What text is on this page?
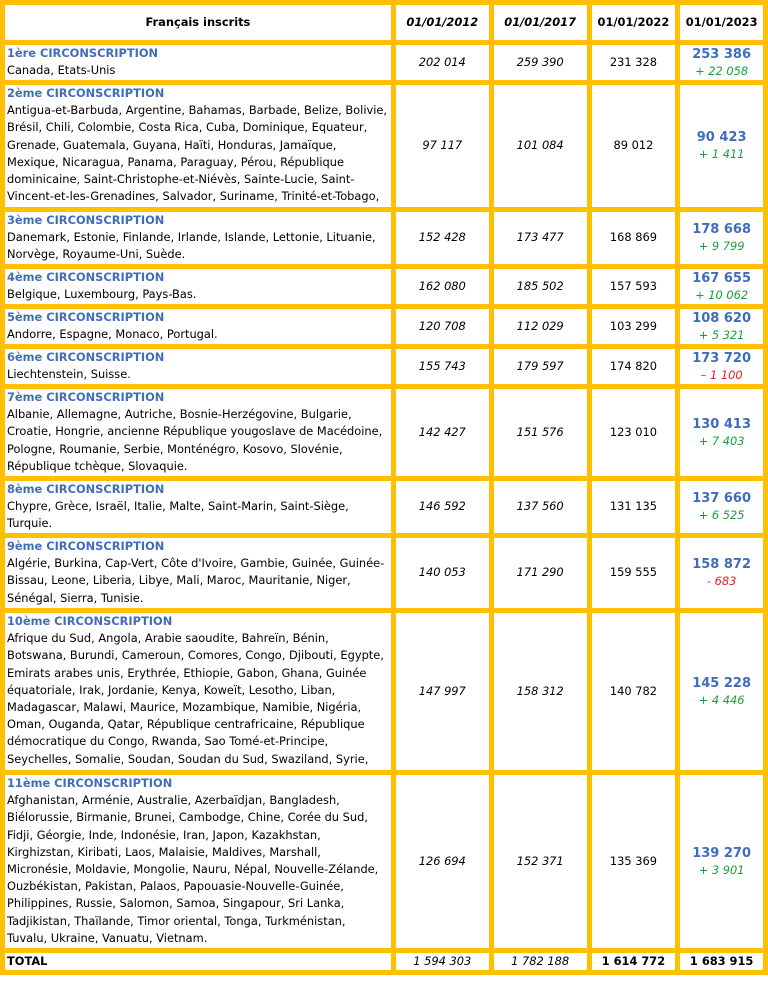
Français inscrits	01/01/2012	01/01/2017	01/01/2022	01/01/2023

1ère CIRCONSCRIPTION
Canada, Etats-Unis	202 014	259 390	231 328	253 386
+ 22 058

2ème CIRCONSCRIPTION
Antigua-et-Barbuda, Argentine, Bahamas, Barbade, Belize, Bolivie, Brésil, Chili, Colombie, Costa Rica, Cuba, Dominique, Equateur, Grenade, Guatemala, Guyana, Haïti, Honduras, Jamaïque, Mexique, Nicaragua, Panama, Paraguay, Pérou, République dominicaine, Saint-Christophe-et-Niévès, Sainte-Lucie, Saint-Vincent-et-les-Grenadines, Salvador, Suriname, Trinité-et-Tobago,	97 117	101 084	89 012	90 423
+ 1 411

3ème CIRCONSCRIPTION
Danemark, Estonie, Finlande, Irlande, Islande, Lettonie, Lituanie, Norvège, Royaume-Uni, Suède.	152 428	173 477	168 869	178 668
+ 9 799

4ème CIRCONSCRIPTION
Belgique, Luxembourg, Pays-Bas.	162 080	185 502	157 593	167 655
+ 10 062

5ème CIRCONSCRIPTION
Andorre, Espagne, Monaco, Portugal.	120 708	112 029	103 299	108 620
+ 5 321

6ème CIRCONSCRIPTION
Liechtenstein, Suisse.	155 743	179 597	174 820	173 720
– 1 100

7ème CIRCONSCRIPTION
Albanie, Allemagne, Autriche, Bosnie-Herzégovine, Bulgarie, Croatie, Hongrie, ancienne République yougoslave de Macédoine, Pologne, Roumanie, Serbie, Monténégro, Kosovo, Slovénie, République tchèque, Slovaquie.	142 427	151 576	123 010	130 413
+ 7 403

8ème CIRCONSCRIPTION
Chypre, Grèce, Israël, Italie, Malte, Saint-Marin, Saint-Siège, Turquie.	146 592	137 560	131 135	137 660
+ 6 525

9ème CIRCONSCRIPTION
Algérie, Burkina, Cap-Vert, Côte d'Ivoire, Gambie, Guinée, Guinée-Bissau, Leone, Liberia, Libye, Mali, Maroc, Mauritanie, Niger, Sénégal, Sierra, Tunisie.	140 053	171 290	159 555	158 872
- 683

10ème CIRCONSCRIPTION
Afrique du Sud, Angola, Arabie saoudite, Bahreïn, Bénin, Botswana, Burundi, Cameroun, Comores, Congo, Djibouti, Egypte, Emirats arabes unis, Erythrée, Ethiopie, Gabon, Ghana, Guinée équatoriale, Irak, Jordanie, Kenya, Koweït, Lesotho, Liban, Madagascar, Malawi, Maurice, Mozambique, Namibie, Nigéria, Oman, Ouganda, Qatar, République centrafricaine, République démocratique du Congo, Rwanda, Sao Tomé-et-Principe, Seychelles, Somalie, Soudan, Soudan du Sud, Swaziland, Syrie,	147 997	158 312	140 782	145 228
+ 4 446

11ème CIRCONSCRIPTION
Afghanistan, Arménie, Australie, Azerbaïdjan, Bangladesh, Biélorussie, Birmanie, Brunei, Cambodge, Chine, Corée du Sud, Fidji, Géorgie, Inde, Indonésie, Iran, Japon, Kazakhstan, Kirghizstan, Kiribati, Laos, Malaisie, Maldives, Marshall, Micronésie, Moldavie, Mongolie, Nauru, Népal, Nouvelle-Zélande, Ouzbékistan, Pakistan, Palaos, Papouasie-Nouvelle-Guinée, Philippines, Russie, Salomon, Samoa, Singapour, Sri Lanka, Tadjikistan, Thaïlande, Timor oriental, Tonga, Turkménistan, Tuvalu, Ukraine, Vanuatu, Vietnam.	126 694	152 371	135 369	139 270
+ 3 901

TOTAL	1 594 303	1 782 188	1 614 772	1 683 915
